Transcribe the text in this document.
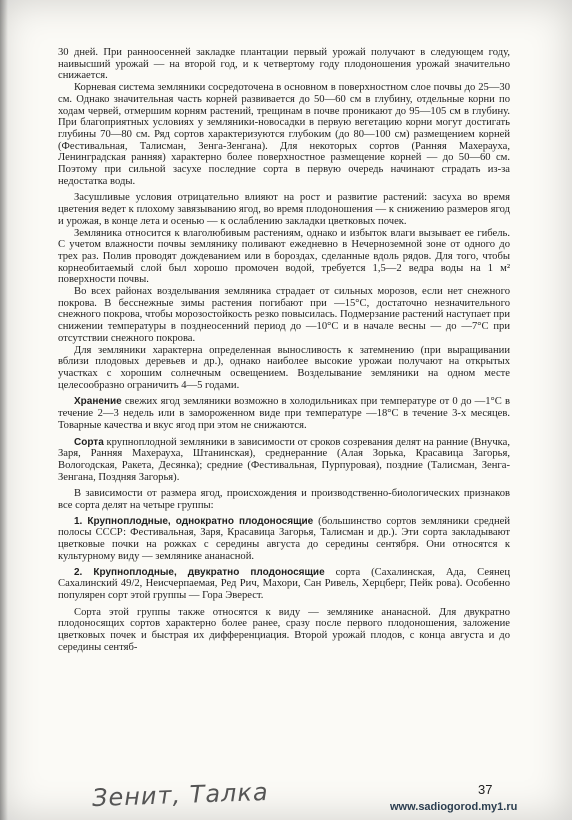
30 дней. При ранноосенней закладке плантации первый урожай получают в следующем году, наивысший урожай — на второй год, и к четвертому году плодоношения урожай значительно снижается.

Корневая система земляники сосредоточена в основном в поверхностном слое почвы до 25—30 см. Однако значительная часть корней развивается до 50—60 см в глубину, отдельные корни по ходам червей, отмершим корням растений, трещинам в почве проникают до 95—105 см в глубину. При благоприятных условиях у земляники-новосадки в первую вегетацию корни могут достигать глубины 70—80 см. Ряд сортов характеризуются глубоким (до 80—100 см) размещением корней (Фестивальная, Талисман, Зенга-Зенгана). Для некоторых сортов (Ранняя Махерауха, Ленинградская ранняя) характерно более поверхностное размещение корней — до 50—60 см. Поэтому при сильной засухе последние сорта в первую очередь начинают страдать из-за недостатка воды.

Засушливые условия отрицательно влияют на рост и развитие растений: засуха во время цветения ведет к плохому завязыванию ягод, во время плодоношения — к снижению размеров ягод и урожая, в конце лета и осенью — к ослаблению закладки цветковых почек.

Земляника относится к влаголюбивым растениям, однако и избыток влаги вызывает ее гибель. С учетом влажности почвы землянику поливают ежедневно в Нечерноземной зоне от одного до трех раз. Полив проводят дождеванием или в бороздах, сделанные вдоль рядов. Для того, чтобы корнеобитаемый слой был хорошо промочен водой, требуется 1,5—2 ведра воды на 1 м² поверхности почвы.

Во всех районах возделывания земляника страдает от сильных морозов, если нет снежного покрова. В бесснежные зимы растения погибают при —15°С, достаточно незначительного снежного покрова, чтобы морозостойкость резко повысилась. Подмерзание растений наступает при снижении температуры в позднеосенний период до —10°С и в начале весны — до —7°С при отсутствии снежного покрова.

Для земляники характерна определенная выносливость к затемнению (при выращивании вблизи плодовых деревьев и др.), однако наиболее высокие урожаи получают на открытых участках с хорошим солнечным освещением. Возделывание земляники на одном месте целесообразно ограничить 4—5 годами.

Хранение свежих ягод земляники возможно в холодильниках при температуре от 0 до —1°С в течение 2—3 недель или в замороженном виде при температуре —18°С в течение 3-х месяцев. Товарные качества и вкус ягод при этом не снижаются.

Сорта крупноплодной земляники в зависимости от сроков созревания делят на ранние (Внучка, Заря, Ранняя Махерауха, Штанинская), среднеранние (Алая Зорька, Красавица Загорья, Вологодская, Ракета, Десянка); средние (Фестивальная, Пурпуровая), поздние (Талисман, Зенга-Зенгана, Поздняя Загорья).

В зависимости от размера ягод, происхождения и производственно-биологических признаков все сорта делят на четыре группы:

1. Крупноплодные, однократно плодоносящие (большинство сортов земляники средней полосы СССР: Фестивальная, Заря, Красавица Загорья, Талисман и др.). Эти сорта закладывают цветковые почки на рожках с середины августа до середины сентября. Они относятся к культурному виду — землянике ананасной.

2. Крупноплодные, двукратно плодоносящие сорта (Сахалинская, Ада, Сеянец Сахалинский 49/2, Неисчерпаемая, Ред Рич, Махори, Сан Ривель, Херцберг, Пейк рова). Особенно популярен сорт этой группы — Гора Эверест.

Сорта этой группы также относятся к виду — землянике ананасной. Для двукратно плодоносящих сортов характерно более ранее, сразу после первого плодоношения, заложение цветковых почек и быстрая их дифференциация. Второй урожай плодов, с конца августа и до середины сентяб-

Зенит, Талка	37
www.sadiogorod.my1.ru
